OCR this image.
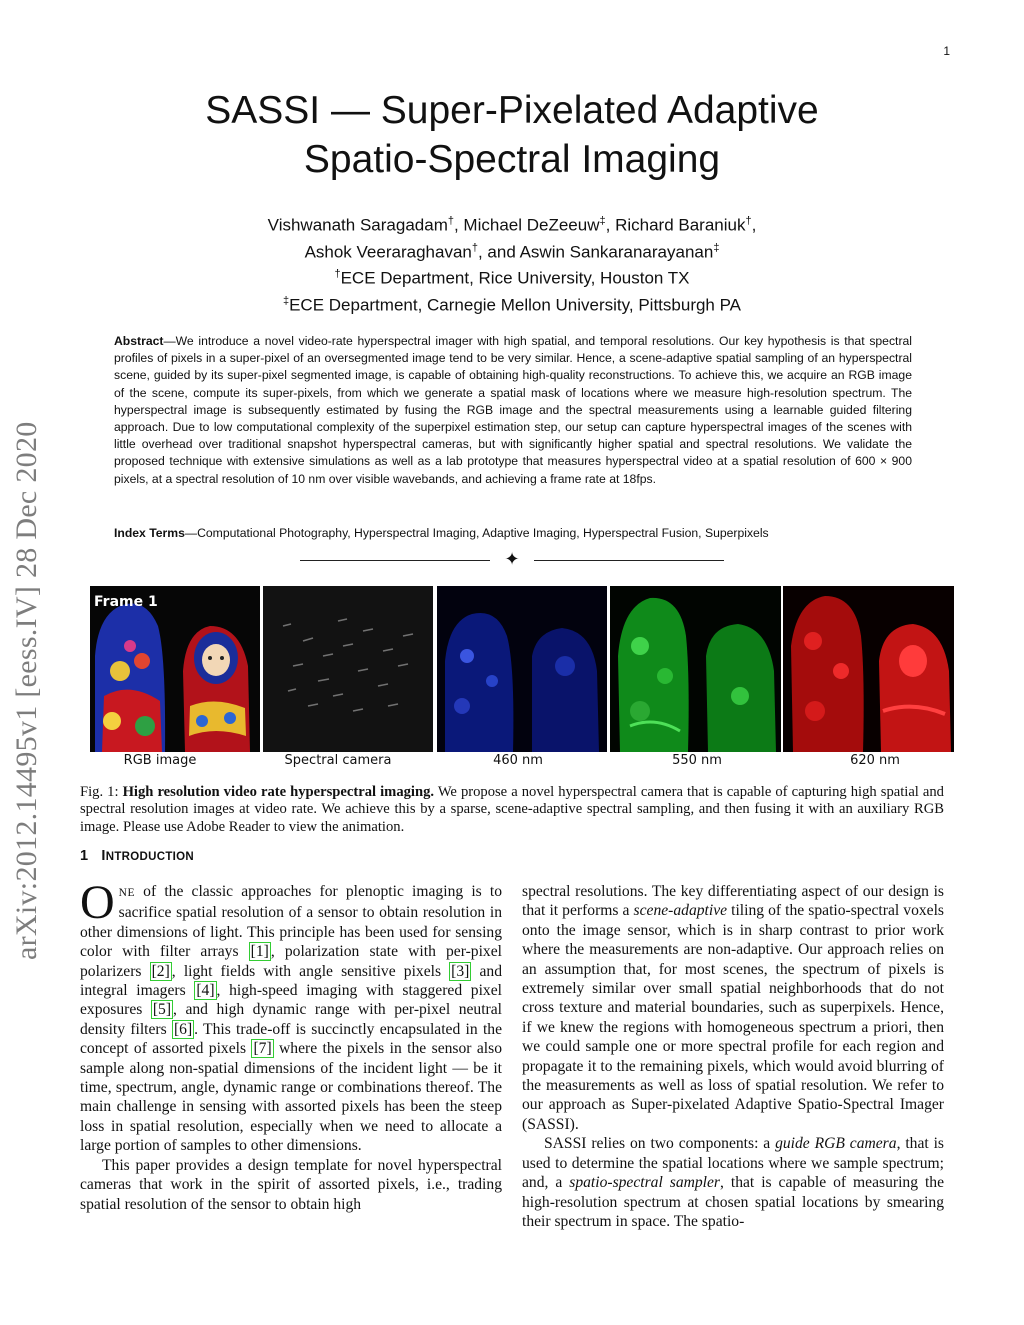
1
arXiv:2012.14495v1 [eess.IV] 28 Dec 2020
SASSI — Super-Pixelated Adaptive
Spatio-Spectral Imaging
Vishwanath Saragadam†, Michael DeZeeuw‡, Richard Baraniuk†,
Ashok Veeraraghavan†, and Aswin Sankaranarayanan‡
†ECE Department, Rice University, Houston TX
‡ECE Department, Carnegie Mellon University, Pittsburgh PA
Abstract—We introduce a novel video-rate hyperspectral imager with high spatial, and temporal resolutions. Our key hypothesis is that spectral profiles of pixels in a super-pixel of an oversegmented image tend to be very similar. Hence, a scene-adaptive spatial sampling of an hyperspectral scene, guided by its super-pixel segmented image, is capable of obtaining high-quality reconstructions. To achieve this, we acquire an RGB image of the scene, compute its super-pixels, from which we generate a spatial mask of locations where we measure high-resolution spectrum. The hyperspectral image is subsequently estimated by fusing the RGB image and the spectral measurements using a learnable guided filtering approach. Due to low computational complexity of the superpixel estimation step, our setup can capture hyperspectral images of the scenes with little overhead over traditional snapshot hyperspectral cameras, but with significantly higher spatial and spectral resolutions. We validate the proposed technique with extensive simulations as well as a lab prototype that measures hyperspectral video at a spatial resolution of 600 × 900 pixels, at a spectral resolution of 10 nm over visible wavebands, and achieving a frame rate at 18fps.
Index Terms—Computational Photography, Hyperspectral Imaging, Adaptive Imaging, Hyperspectral Fusion, Superpixels
✦
Frame 1
RGB image	Spectral camera	460 nm	550 nm	620 nm
Fig. 1: High resolution video rate hyperspectral imaging. We propose a novel hyperspectral camera that is capable of capturing high spatial and spectral resolution images at video rate. We achieve this by a sparse, scene-adaptive spectral sampling, and then fusing it with an auxiliary RGB image. Please use Adobe Reader to view the animation.
1 INTRODUCTION

ONE of the classic approaches for plenoptic imaging is to sacrifice spatial resolution of a sensor to obtain resolution in other dimensions of light. This principle has been used for sensing color with filter arrays [1] , polarization state with per-pixel polarizers [2] , light fields with angle sensitive pixels [3] and integral imagers [4] , high-speed imaging with staggered pixel exposures [5] , and high dynamic range with per-pixel neutral density filters [6] . This trade-off is succinctly encapsulated in the concept of assorted pixels [7] where the pixels in the sensor also sample along non-spatial dimensions of the incident light — be it time, spectrum, angle, dynamic range or combinations thereof. The main challenge in sensing with assorted pixels has been the steep loss in spatial resolution, especially when we need to allocate a large portion of samples to other dimensions.

This paper provides a design template for novel hyperspectral cameras that work in the spirit of assorted pixels, i.e., trading spatial resolution of the sensor to obtain high

spectral resolutions. The key differentiating aspect of our design is that it performs a scene-adaptive tiling of the spatio-spectral voxels onto the image sensor, which is in sharp contrast to prior work where the measurements are non-adaptive. Our approach relies on an assumption that, for most scenes, the spectrum of pixels is extremely similar over small spatial neighborhoods that do not cross texture and material boundaries, such as superpixels. Hence, if we knew the regions with homogeneous spectrum a priori, then we could sample one or more spectral profile for each region and propagate it to the remaining pixels, which would avoid blurring of the measurements as well as loss of spatial resolution. We refer to our approach as Super-pixelated Adaptive Spatio-Spectral Imager (SASSI).

SASSI relies on two components: a guide RGB camera, that is used to determine the spatial locations where we sample spectrum; and, a spatio-spectral sampler, that is capable of measuring the high-resolution spectrum at chosen spatial locations by smearing their spectrum in space. The spatio-
